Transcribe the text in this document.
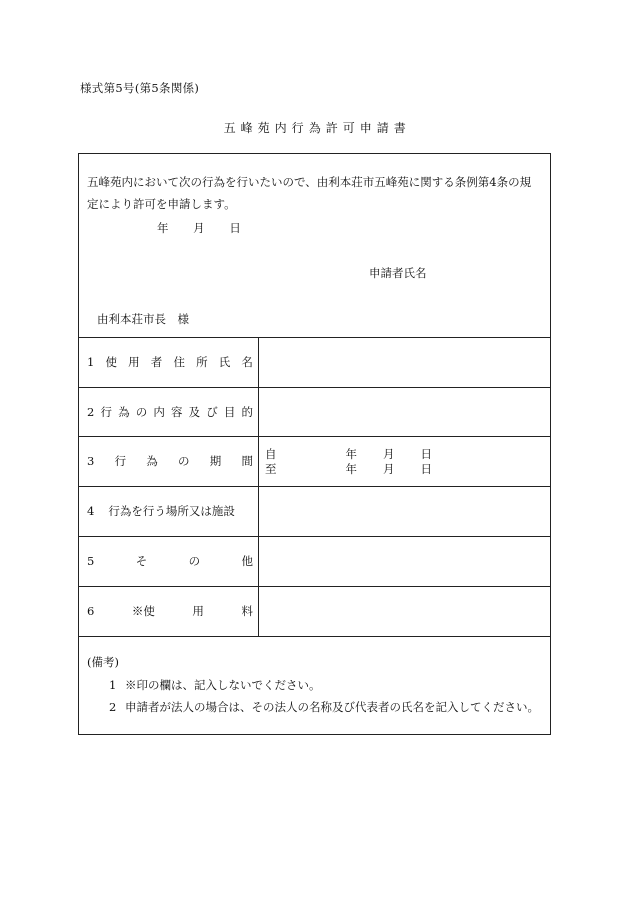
様式第5号(第5条関係)
五 峰 苑 内 行 為 許 可 申 請 書
五峰苑内において次の行為を行いたいので、由利本荘市五峰苑に関する条例第4条の規
定により許可を申請します。
年 月 日
申請者氏名
由利本荘市長　様
1 使 用 者 住 所 氏 名
2 行 為 の 内 容 及 び 目 的
3 行 為 の 期 間 自	年 月 日
至	年 月 日
4 行為を行う場所又は施設
5	そ	の	他
6	※使	用	料
(備考)
1 ※印の欄は、記入しないでください。
2 申請者が法人の場合は、その法人の名称及び代表者の氏名を記入してください。
